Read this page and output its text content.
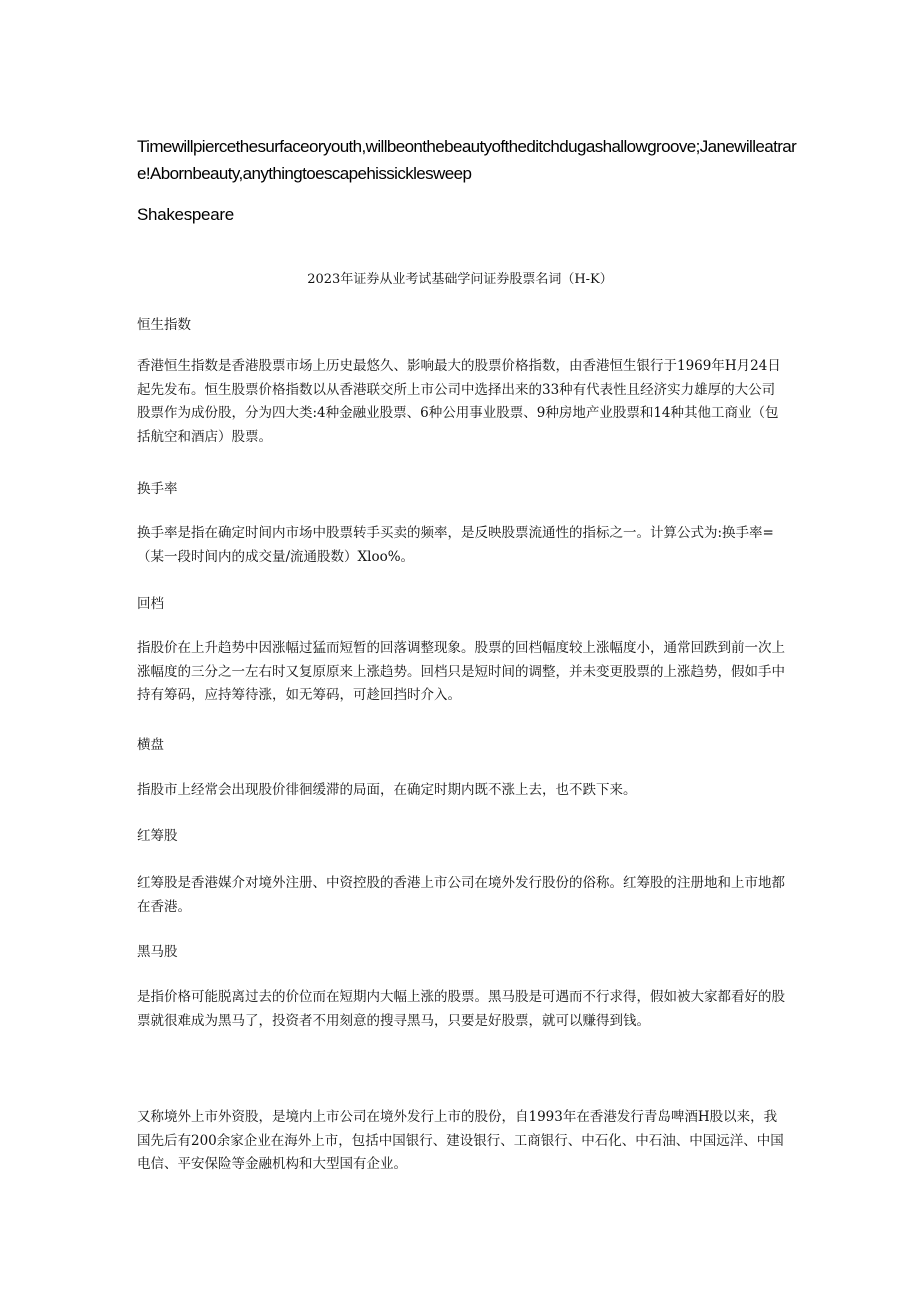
Timewillpiercethesurfaceoryouth,willbeonthebeautyoftheditchdugashallowgroove;Janewilleatrare!Abornbeauty,anythingtoescapehissicklesweep
Shakespeare
2023年证券从业考试基础学问证券股票名词（H-K）
恒生指数
香港恒生指数是香港股票市场上历史最悠久、影响最大的股票价格指数，由香港恒生银行于1969年H月24日起先发布。恒生股票价格指数以从香港联交所上市公司中选择出来的33种有代表性且经济实力雄厚的大公司股票作为成份股，分为四大类:4种金融业股票、6种公用事业股票、9种房地产业股票和14种其他工商业（包括航空和酒店）股票。
换手率
换手率是指在确定时间内市场中股票转手买卖的频率，是反映股票流通性的指标之一。计算公式为:换手率=（某一段时间内的成交量/流通股数）Xloo%。
回档
指股价在上升趋势中因涨幅过猛而短暂的回落调整现象。股票的回档幅度较上涨幅度小，通常回跌到前一次上涨幅度的三分之一左右时又复原原来上涨趋势。回档只是短时间的调整，并未变更股票的上涨趋势，假如手中持有筹码，应持筹待涨，如无筹码，可趁回挡时介入。
横盘
指股市上经常会出现股价徘徊缓滞的局面，在确定时期内既不涨上去，也不跌下来。
红筹股
红筹股是香港媒介对境外注册、中资控股的香港上市公司在境外发行股份的俗称。红筹股的注册地和上市地都在香港。
黑马股
是指价格可能脱离过去的价位而在短期内大幅上涨的股票。黑马股是可遇而不行求得，假如被大家都看好的股票就很难成为黑马了，投资者不用刻意的搜寻黑马，只要是好股票，就可以赚得到钱。
又称境外上市外资股，是境内上市公司在境外发行上市的股份，自1993年在香港发行青岛啤酒H股以来，我国先后有200余家企业在海外上市，包括中国银行、建设银行、工商银行、中石化、中石油、中国远洋、中国电信、平安保险等金融机构和大型国有企业。
